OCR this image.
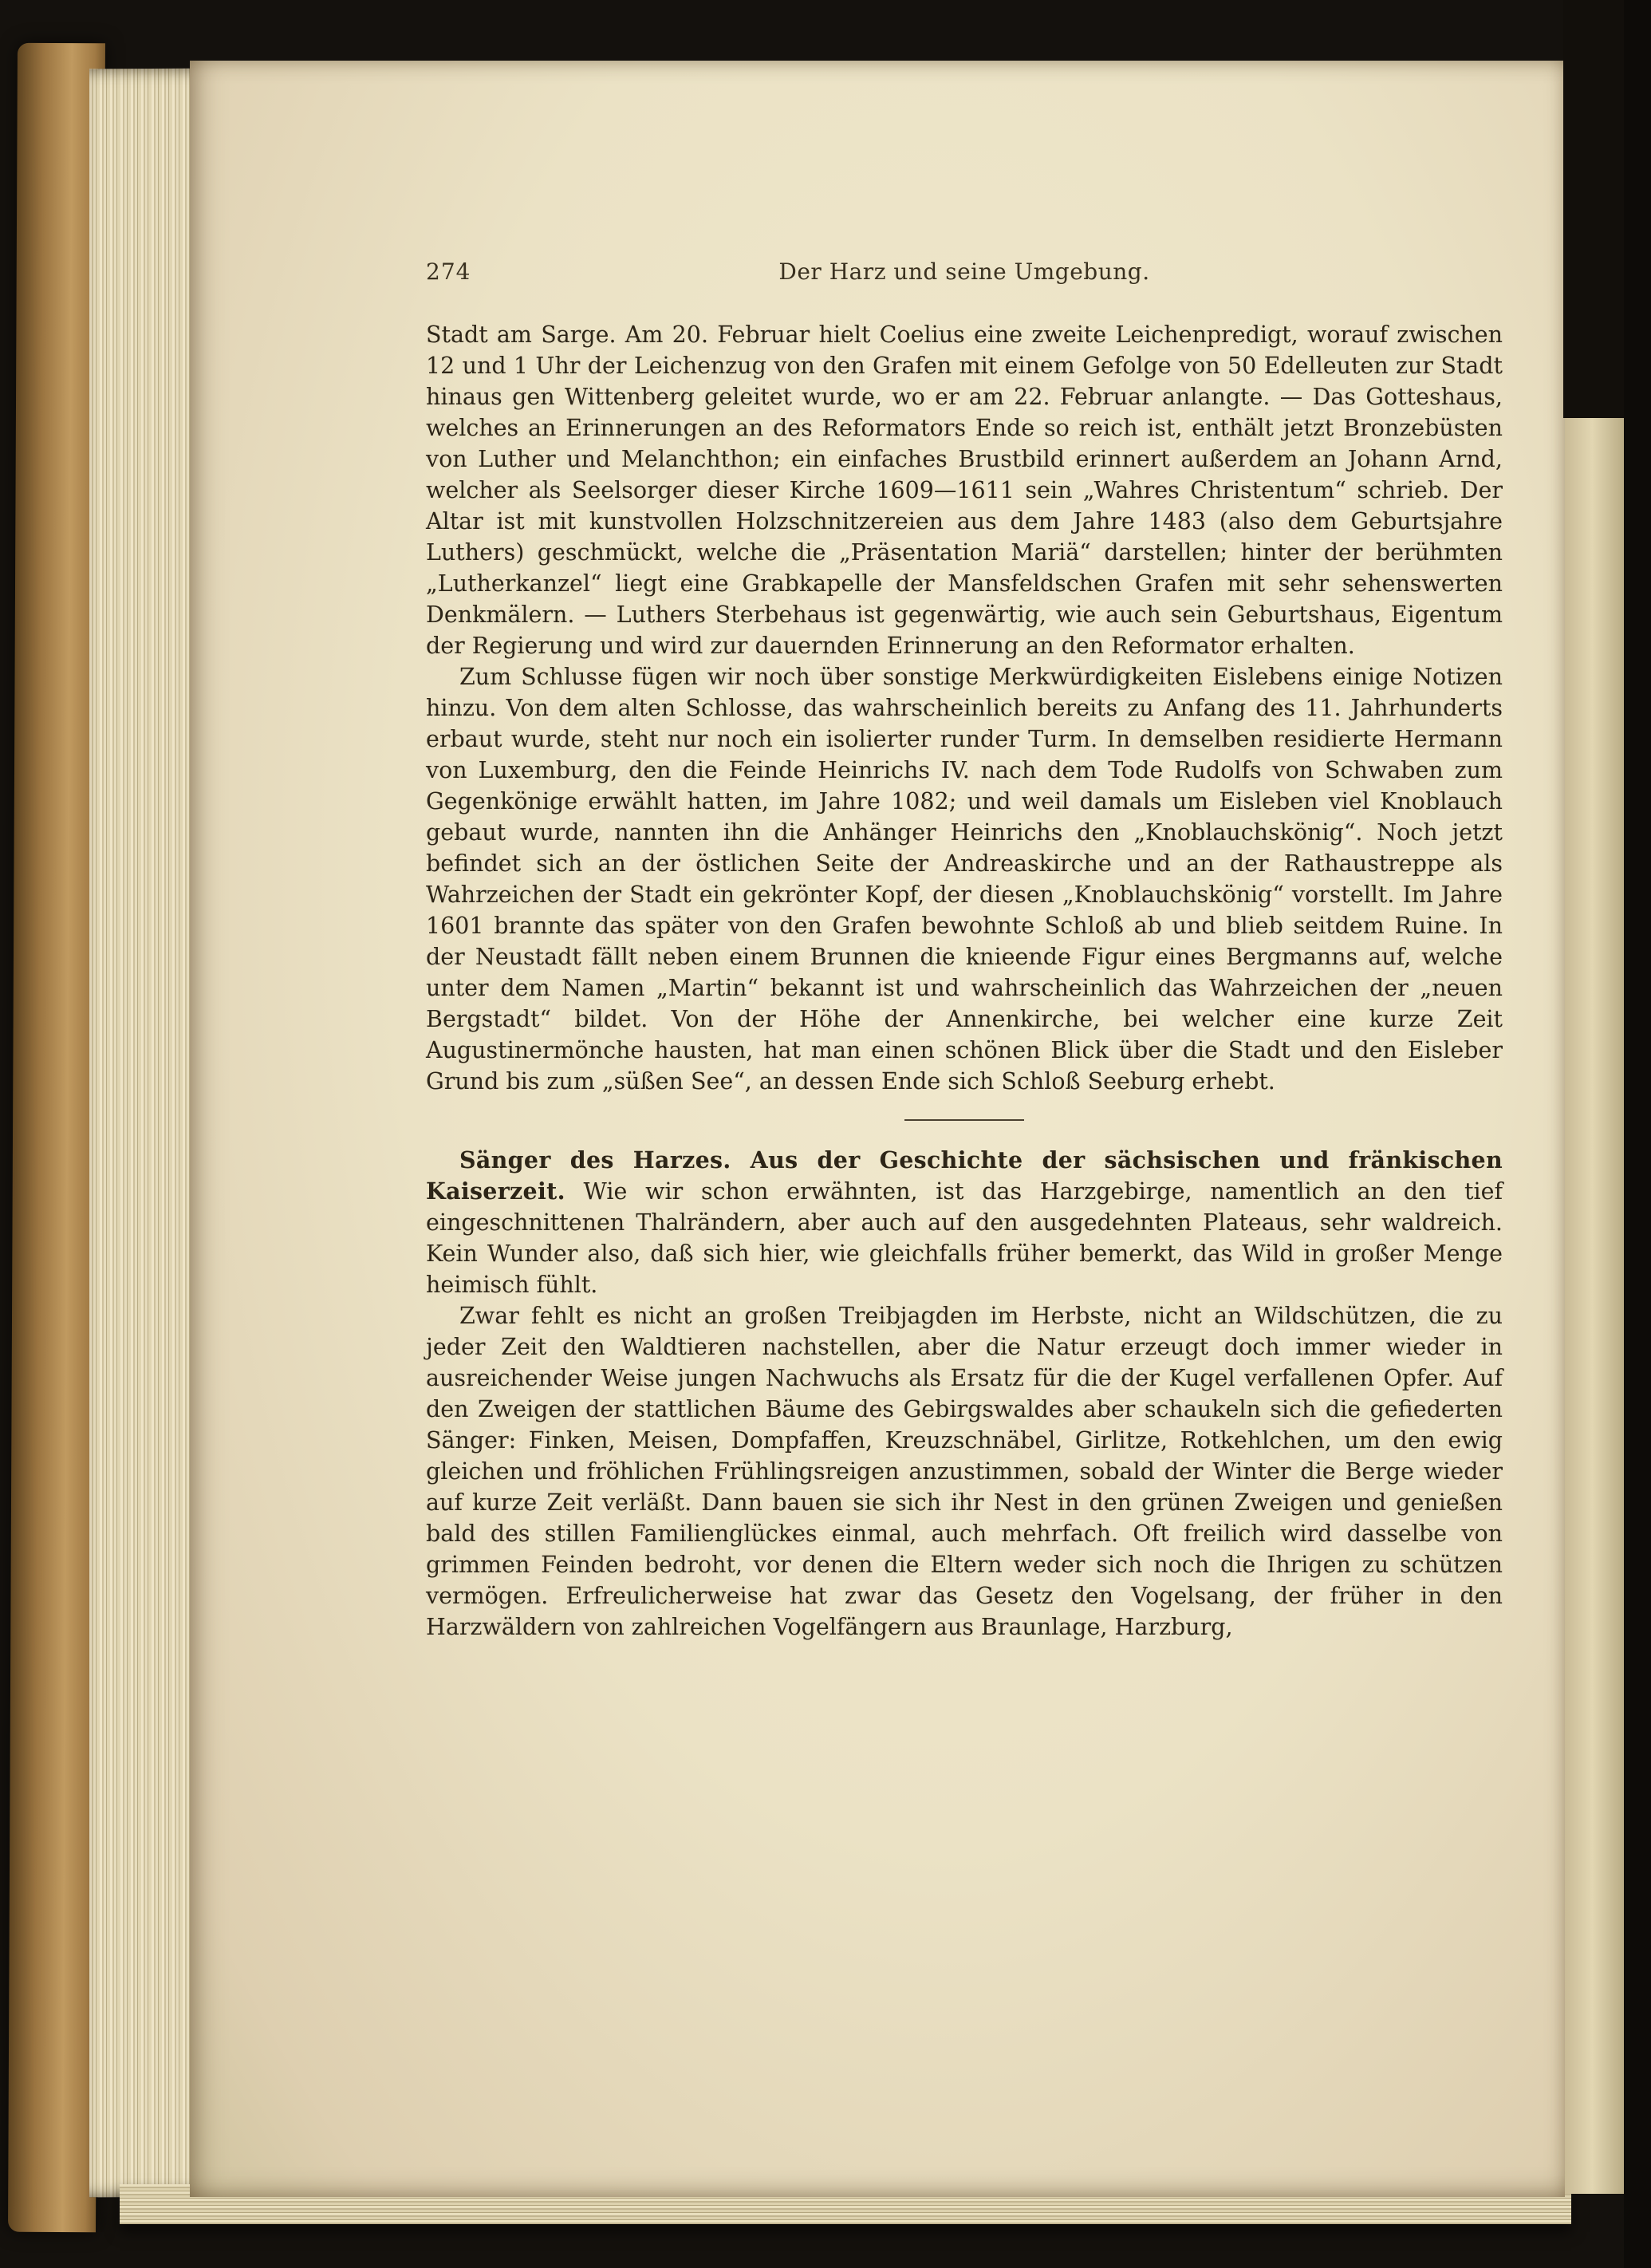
274	Der Harz und seine Umgebung.

Stadt am Sarge. Am 20. Februar hielt Coelius eine zweite Leichenpredigt, worauf zwischen 12 und 1 Uhr der Leichenzug von den Grafen mit einem Gefolge von 50 Edelleuten zur Stadt hinaus gen Wittenberg geleitet wurde, wo er am 22. Februar anlangte. — Das Gotteshaus, welches an Erinnerungen an des Reformators Ende so reich ist, enthält jetzt Bronzebüsten von Luther und Melanchthon; ein einfaches Brustbild erinnert außerdem an Johann Arnd, welcher als Seelsorger dieser Kirche 1609—1611 sein „Wahres Christentum“ schrieb. Der Altar ist mit kunstvollen Holzschnitzereien aus dem Jahre 1483 (also dem Geburtsjahre Luthers) geschmückt, welche die „Präsentation Mariä“ darstellen; hinter der berühmten „Lutherkanzel“ liegt eine Grabkapelle der Mansfeldschen Grafen mit sehr sehenswerten Denkmälern. — Luthers Sterbehaus ist gegenwärtig, wie auch sein Geburtshaus, Eigentum der Regierung und wird zur dauernden Erinnerung an den Reformator erhalten.

Zum Schlusse fügen wir noch über sonstige Merkwürdigkeiten Eislebens einige Notizen hinzu. Von dem alten Schlosse, das wahrscheinlich bereits zu Anfang des 11. Jahrhunderts erbaut wurde, steht nur noch ein isolierter runder Turm. In demselben residierte Hermann von Luxemburg, den die Feinde Heinrichs IV. nach dem Tode Rudolfs von Schwaben zum Gegenkönige erwählt hatten, im Jahre 1082; und weil damals um Eisleben viel Knoblauch gebaut wurde, nannten ihn die Anhänger Heinrichs den „Knoblauchskönig“. Noch jetzt befindet sich an der östlichen Seite der Andreaskirche und an der Rathaustreppe als Wahrzeichen der Stadt ein gekrönter Kopf, der diesen „Knoblauchskönig“ vorstellt. Im Jahre 1601 brannte das später von den Grafen bewohnte Schloß ab und blieb seitdem Ruine. In der Neustadt fällt neben einem Brunnen die knieende Figur eines Bergmanns auf, welche unter dem Namen „Martin“ bekannt ist und wahrscheinlich das Wahrzeichen der „neuen Bergstadt“ bildet. Von der Höhe der Annenkirche, bei welcher eine kurze Zeit Augustinermönche hausten, hat man einen schönen Blick über die Stadt und den Eisleber Grund bis zum „süßen See“, an dessen Ende sich Schloß Seeburg erhebt.

Sänger des Harzes. Aus der Geschichte der sächsischen und fränkischen Kaiserzeit. Wie wir schon erwähnten, ist das Harzgebirge, namentlich an den tief eingeschnittenen Thalrändern, aber auch auf den ausgedehnten Plateaus, sehr waldreich. Kein Wunder also, daß sich hier, wie gleichfalls früher bemerkt, das Wild in großer Menge heimisch fühlt.

Zwar fehlt es nicht an großen Treibjagden im Herbste, nicht an Wildschützen, die zu jeder Zeit den Waldtieren nachstellen, aber die Natur erzeugt doch immer wieder in ausreichender Weise jungen Nachwuchs als Ersatz für die der Kugel verfallenen Opfer. Auf den Zweigen der stattlichen Bäume des Gebirgswaldes aber schaukeln sich die gefiederten Sänger: Finken, Meisen, Dompfaffen, Kreuzschnäbel, Girlitze, Rotkehlchen, um den ewig gleichen und fröhlichen Frühlingsreigen anzustimmen, sobald der Winter die Berge wieder auf kurze Zeit verläßt. Dann bauen sie sich ihr Nest in den grünen Zweigen und genießen bald des stillen Familienglückes einmal, auch mehrfach. Oft freilich wird dasselbe von grimmen Feinden bedroht, vor denen die Eltern weder sich noch die Ihrigen zu schützen vermögen. Erfreulicherweise hat zwar das Gesetz den Vogelsang, der früher in den Harzwäldern von zahlreichen Vogelfängern aus Braunlage, Harzburg,
